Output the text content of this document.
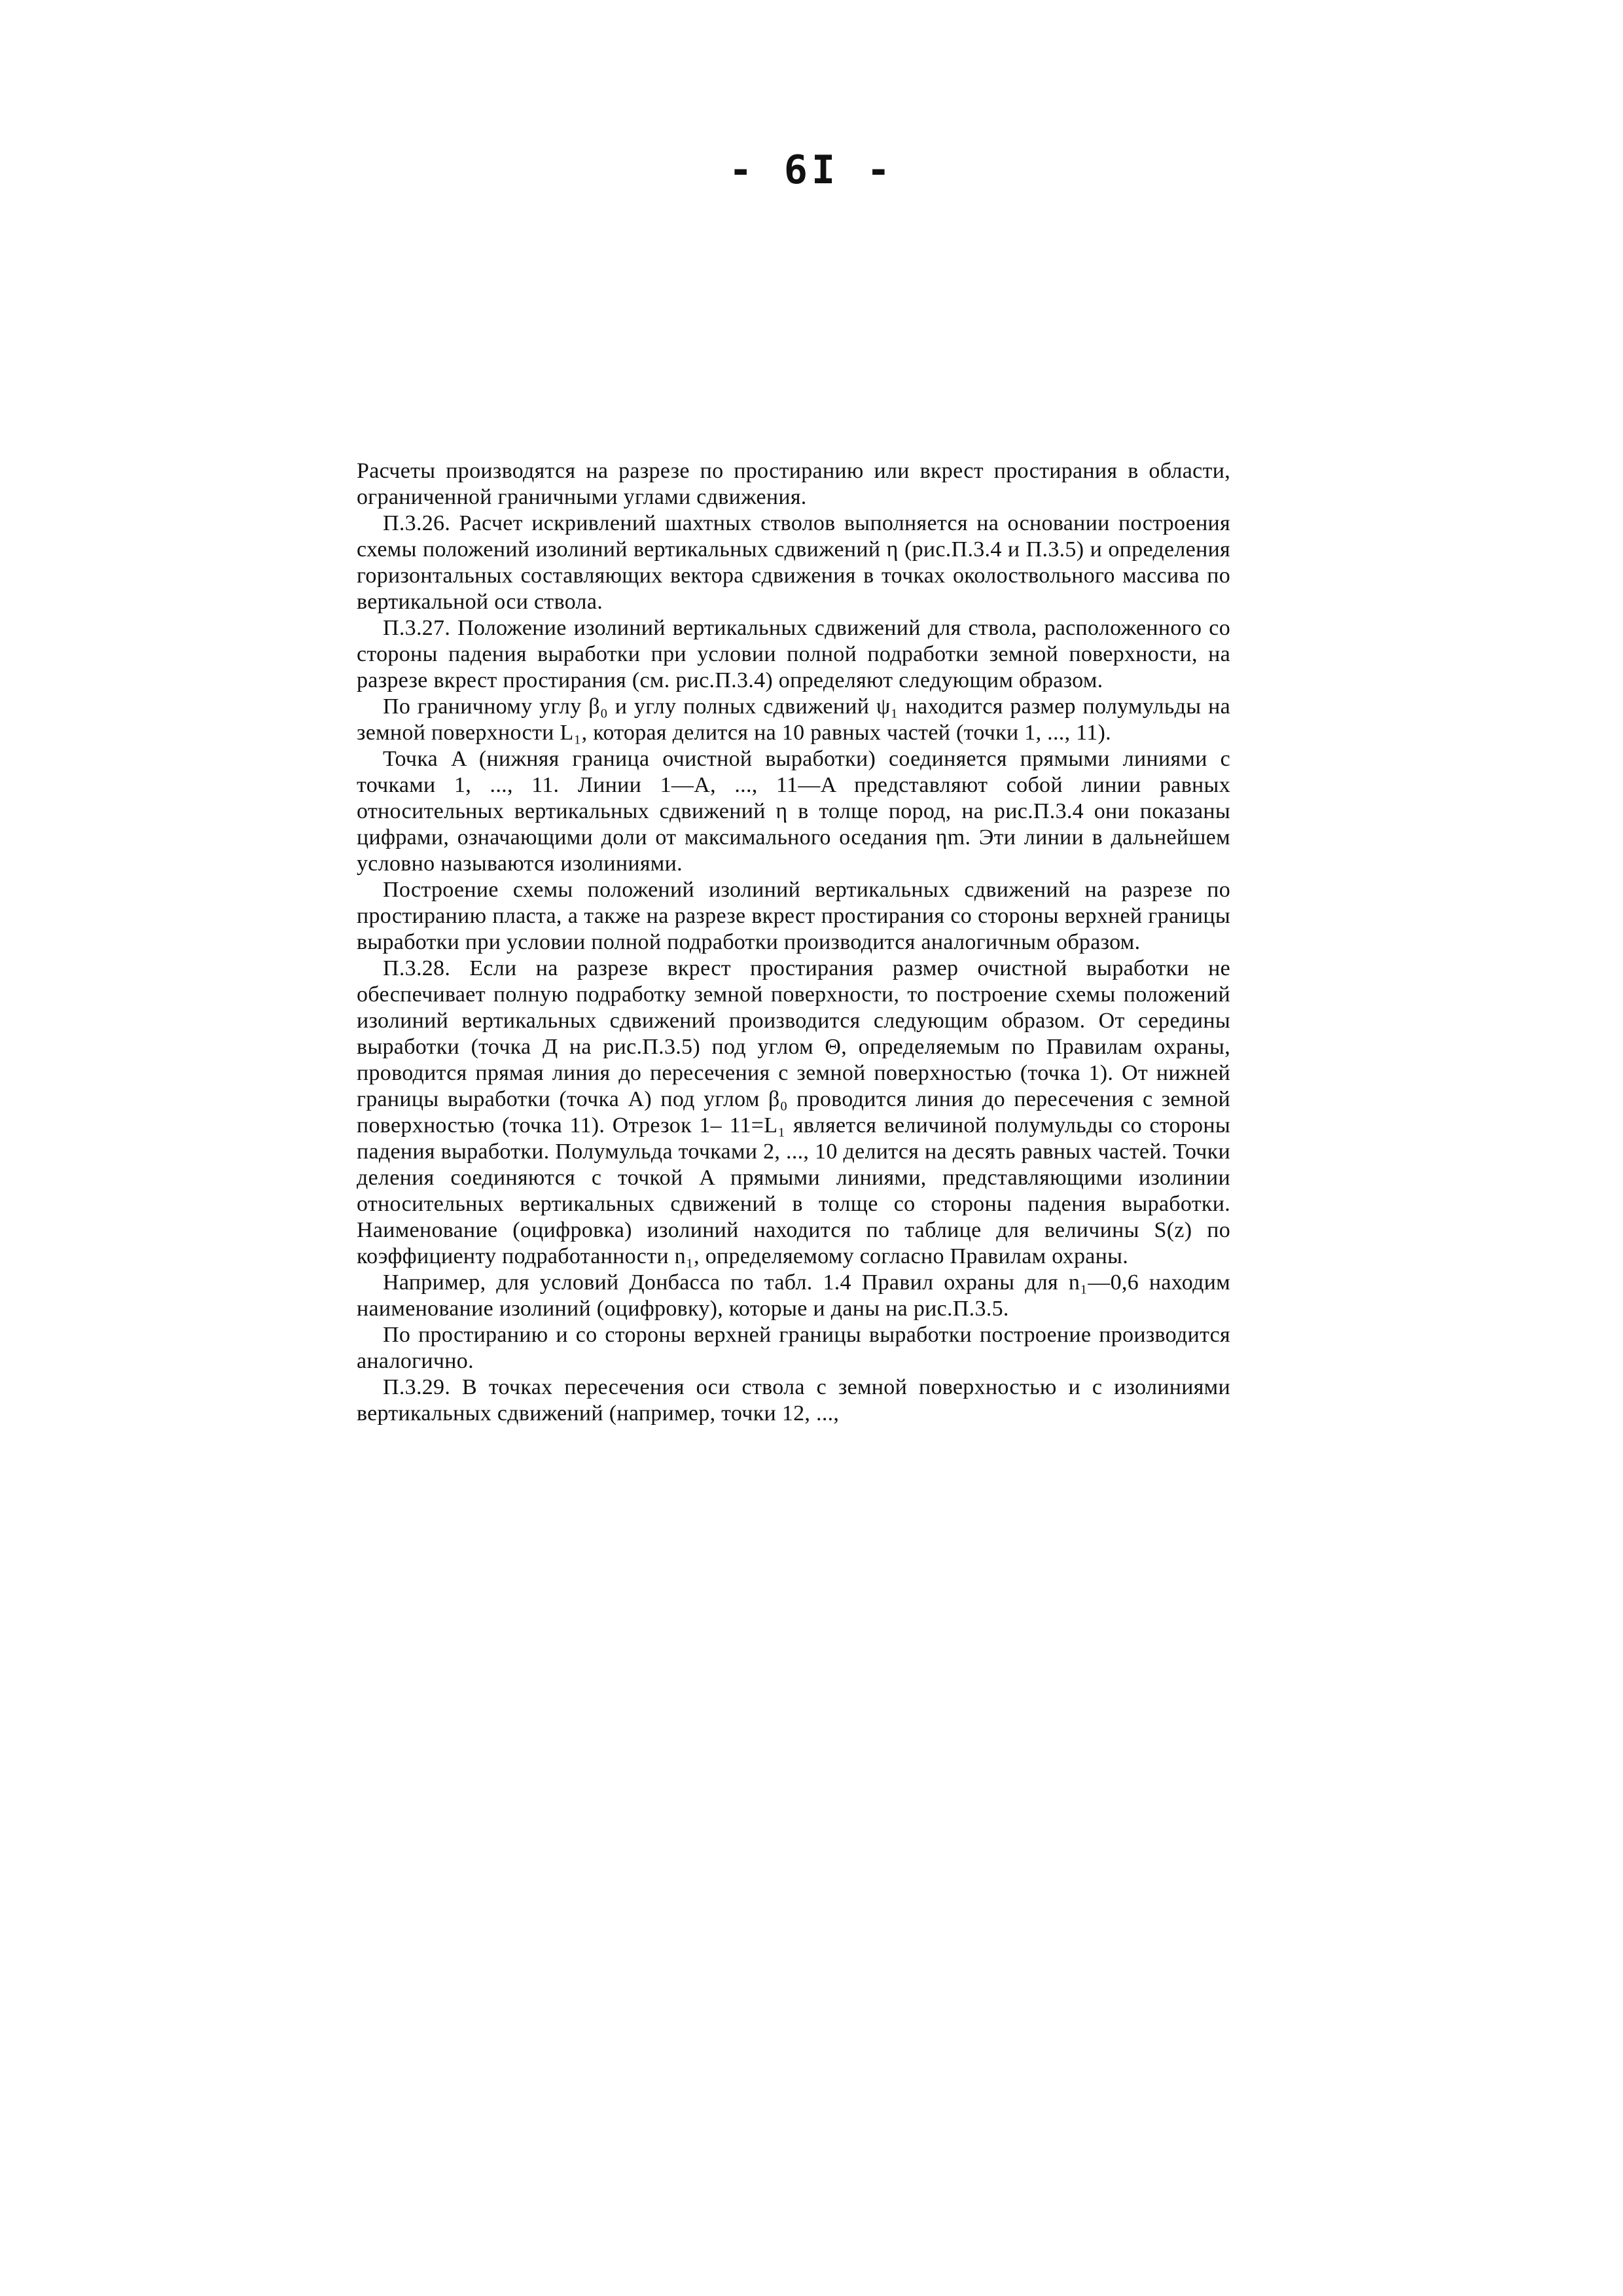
- 6I -

Расчеты производятся на разрезе по простиранию или вкрест простирания в области, ограниченной граничными углами сдвижения.

П.3.26. Расчет искривлений шахтных стволов выполняется на основании построения схемы положений изолиний вертикальных сдвижений η (рис.П.3.4 и П.3.5) и определения горизонтальных составляющих вектора сдвижения в точках околоствольного массива по вертикальной оси ствола.

П.3.27. Положение изолиний вертикальных сдвижений для ствола, расположенного со стороны падения выработки при условии полной подработки земной поверхности, на разрезе вкрест простирания (см. рис.П.3.4) определяют следующим образом.

По граничному углу β₀ и углу полных сдвижений ψ₁ находится размер полумульды на земной поверхности L₁, которая делится на 10 равных частей (точки 1, ..., 11).

Точка A (нижняя граница очистной выработки) соединяется прямыми линиями с точками 1, ..., 11. Линии 1—A, ..., 11—A представляют собой линии равных относительных вертикальных сдвижений η в толще пород, на рис.П.3.4 они показаны цифрами, означающими доли от максимального оседания ηm. Эти линии в дальнейшем условно называются изолиниями.

Построение схемы положений изолиний вертикальных сдвижений на разрезе по простиранию пласта, а также на разрезе вкрест простирания со стороны верхней границы выработки при условии полной подработки производится аналогичным образом.

П.3.28. Если на разрезе вкрест простирания размер очистной выработки не обеспечивает полную подработку земной поверхности, то построение схемы положений изолиний вертикальных сдвижений производится следующим образом. От середины выработки (точка Д на рис.П.3.5) под углом Θ, определяемым по Правилам охраны, проводится прямая линия до пересечения с земной поверхностью (точка 1). От нижней границы выработки (точка A) под углом β₀ проводится линия до пересечения с земной поверхностью (точка 11). Отрезок 1– 11=L₁ является величиной полумульды со стороны падения выработки. Полумульда точками 2, ..., 10 делится на десять равных частей. Точки деления соединяются с точкой A прямыми линиями, представляющими изолинии относительных вертикальных сдвижений в толще со стороны падения выработки. Наименование (оцифровка) изолиний находится по таблице для величины S(z) по коэффициенту подработанности n₁, определяемому согласно Правилам охраны.

Например, для условий Донбасса по табл. 1.4 Правил охраны для n₁—0,6 находим наименование изолиний (оцифровку), которые и даны на рис.П.3.5.

По простиранию и со стороны верхней границы выработки построение производится аналогично.

П.3.29. В точках пересечения оси ствола с земной поверхностью и с изолиниями вертикальных сдвижений (например, точки 12, ...,
